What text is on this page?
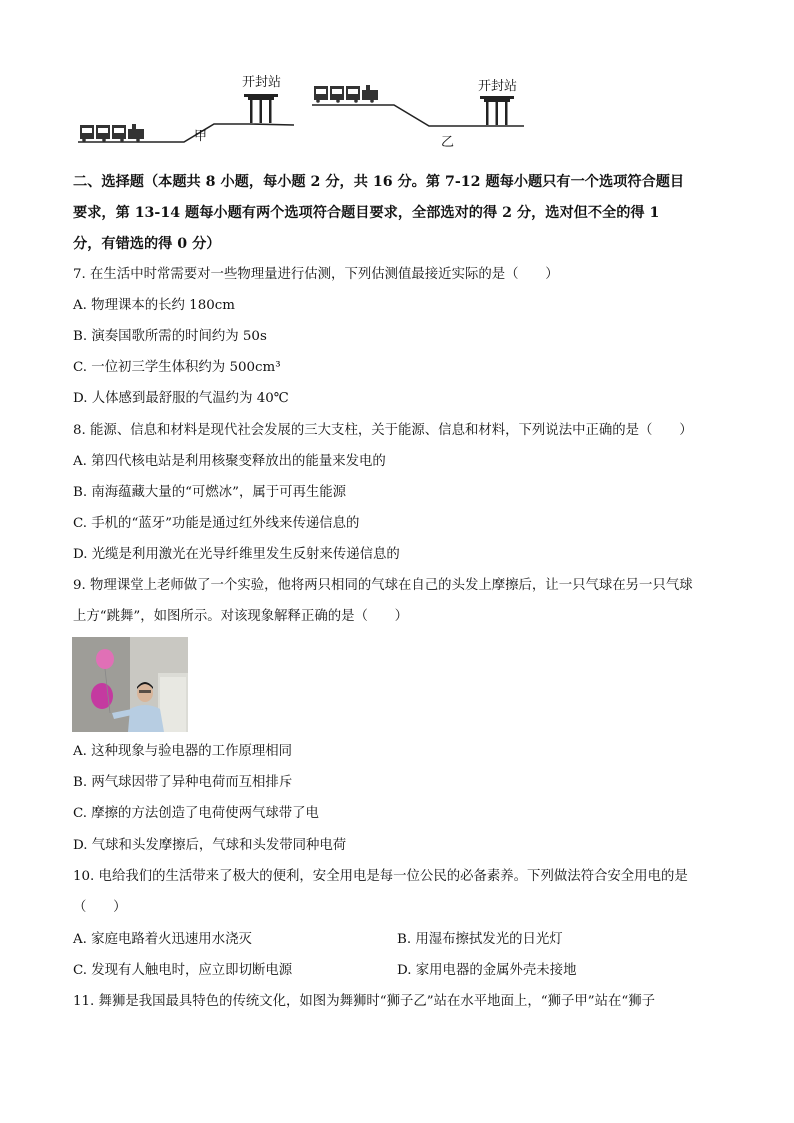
开封站	开封站
甲	乙
二、选择题（本题共 8 小题，每小题 2 分，共 16 分。第 7-12 题每小题只有一个选项符合题目
要求，第 13-14 题每小题有两个选项符合题目要求，全部选对的得 2 分，选对但不全的得 1
分，有错选的得 0 分）
7. 在生活中时常需要对一些物理量进行估测，下列估测值最接近实际的是（　　）
A. 物理课本的长约 180cm
B. 演奏国歌所需的时间约为 50s
C. 一位初三学生体积约为 500cm³
D. 人体感到最舒服的气温约为 40℃
8. 能源、信息和材料是现代社会发展的三大支柱，关于能源、信息和材料，下列说法中正确的是（　　）
A. 第四代核电站是利用核聚变释放出的能量来发电的
B. 南海蕴藏大量的“可燃冰”，属于可再生能源
C. 手机的“蓝牙”功能是通过红外线来传递信息的
D. 光缆是利用激光在光导纤维里发生反射来传递信息的
9. 物理课堂上老师做了一个实验，他将两只相同的气球在自己的头发上摩擦后，让一只气球在另一只气球
上方“跳舞”，如图所示。对该现象解释正确的是（　　）
A. 这种现象与验电器的工作原理相同
B. 两气球因带了异种电荷而互相排斥
C. 摩擦的方法创造了电荷使两气球带了电
D. 气球和头发摩擦后，气球和头发带同种电荷
10. 电给我们的生活带来了极大的便利，安全用电是每一位公民的必备素养。下列做法符合安全用电的是
（　　）
A. 家庭电路着火迅速用水浇灭	B. 用湿布擦拭发光的日光灯
C. 发现有人触电时，应立即切断电源	D. 家用电器的金属外壳未接地
11. 舞狮是我国最具特色的传统文化，如图为舞狮时“狮子乙”站在水平地面上，“狮子甲”站在“狮子
